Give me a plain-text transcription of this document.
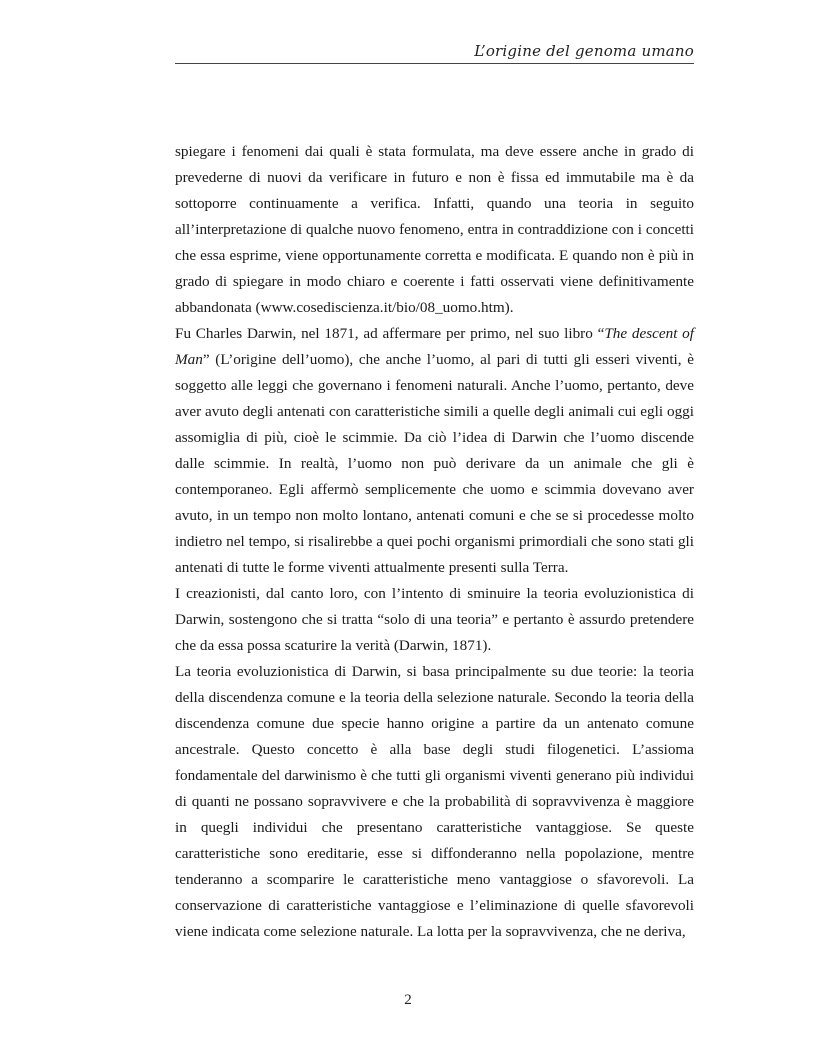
L’origine del genoma umano

spiegare i fenomeni dai quali è stata formulata, ma deve essere anche in grado di prevederne di nuovi da verificare in futuro e non è fissa ed immutabile ma è da sottoporre continuamente a verifica. Infatti, quando una teoria in seguito all’interpretazione di qualche nuovo fenomeno, entra in contraddizione con i concetti che essa esprime, viene opportunamente corretta e modificata. E quando non è più in grado di spiegare in modo chiaro e coerente i fatti osservati viene definitivamente abbandonata (www.cosediscienza.it/bio/08_uomo.htm).

Fu Charles Darwin, nel 1871, ad affermare per primo, nel suo libro “The descent of Man” (L’origine dell’uomo), che anche l’uomo, al pari di tutti gli esseri viventi, è soggetto alle leggi che governano i fenomeni naturali. Anche l’uomo, pertanto, deve aver avuto degli antenati con caratteristiche simili a quelle degli animali cui egli oggi assomiglia di più, cioè le scimmie. Da ciò l’idea di Darwin che l’uomo discende dalle scimmie. In realtà, l’uomo non può derivare da un animale che gli è contemporaneo. Egli affermò semplicemente che uomo e scimmia dovevano aver avuto, in un tempo non molto lontano, antenati comuni e che se si procedesse molto indietro nel tempo, si risalirebbe a quei pochi organismi primordiali che sono stati gli antenati di tutte le forme viventi attualmente presenti sulla Terra.

I creazionisti, dal canto loro, con l’intento di sminuire la teoria evoluzionistica di Darwin, sostengono che si tratta “solo di una teoria” e pertanto è assurdo pretendere che da essa possa scaturire la verità (Darwin, 1871).

La teoria evoluzionistica di Darwin, si basa principalmente su due teorie: la teoria della discendenza comune e la teoria della selezione naturale. Secondo la teoria della discendenza comune due specie hanno origine a partire da un antenato comune ancestrale. Questo concetto è alla base degli studi filogenetici. L’assioma fondamentale del darwinismo è che tutti gli organismi viventi generano più individui di quanti ne possano sopravvivere e che la probabilità di sopravvivenza è maggiore in quegli individui che presentano caratteristiche vantaggiose. Se queste caratteristiche sono ereditarie, esse si diffonderanno nella popolazione, mentre tenderanno a scomparire le caratteristiche meno vantaggiose o sfavorevoli. La conservazione di caratteristiche vantaggiose e l’eliminazione di quelle sfavorevoli viene indicata come selezione naturale. La lotta per la sopravvivenza, che ne deriva,

2
